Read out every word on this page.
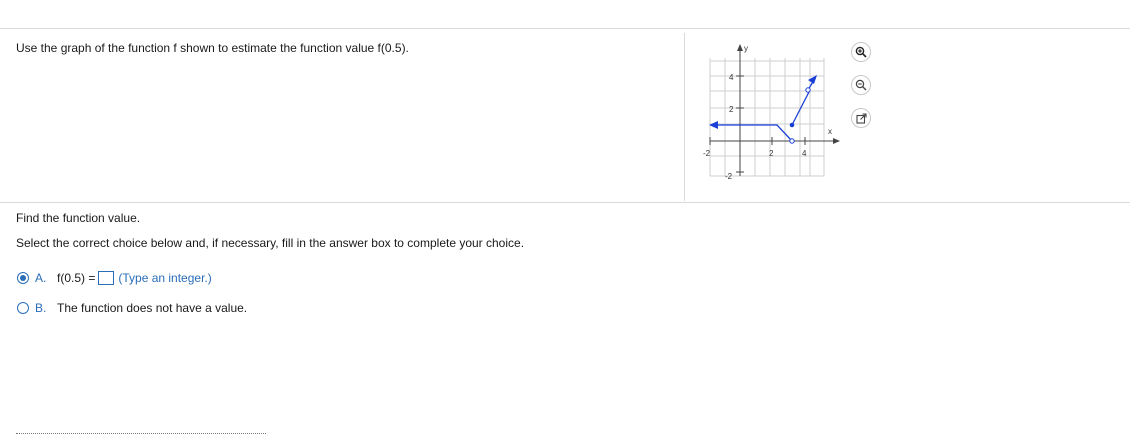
Use the graph of the function f shown to estimate the function value f(0.5).	y
x
4
2
-2
-2	2	4
Find the function value.
Select the correct choice below and, if necessary, fill in the answer box to complete your choice.
A. f(0.5) = (Type an integer.)
B. The function does not have a value.
